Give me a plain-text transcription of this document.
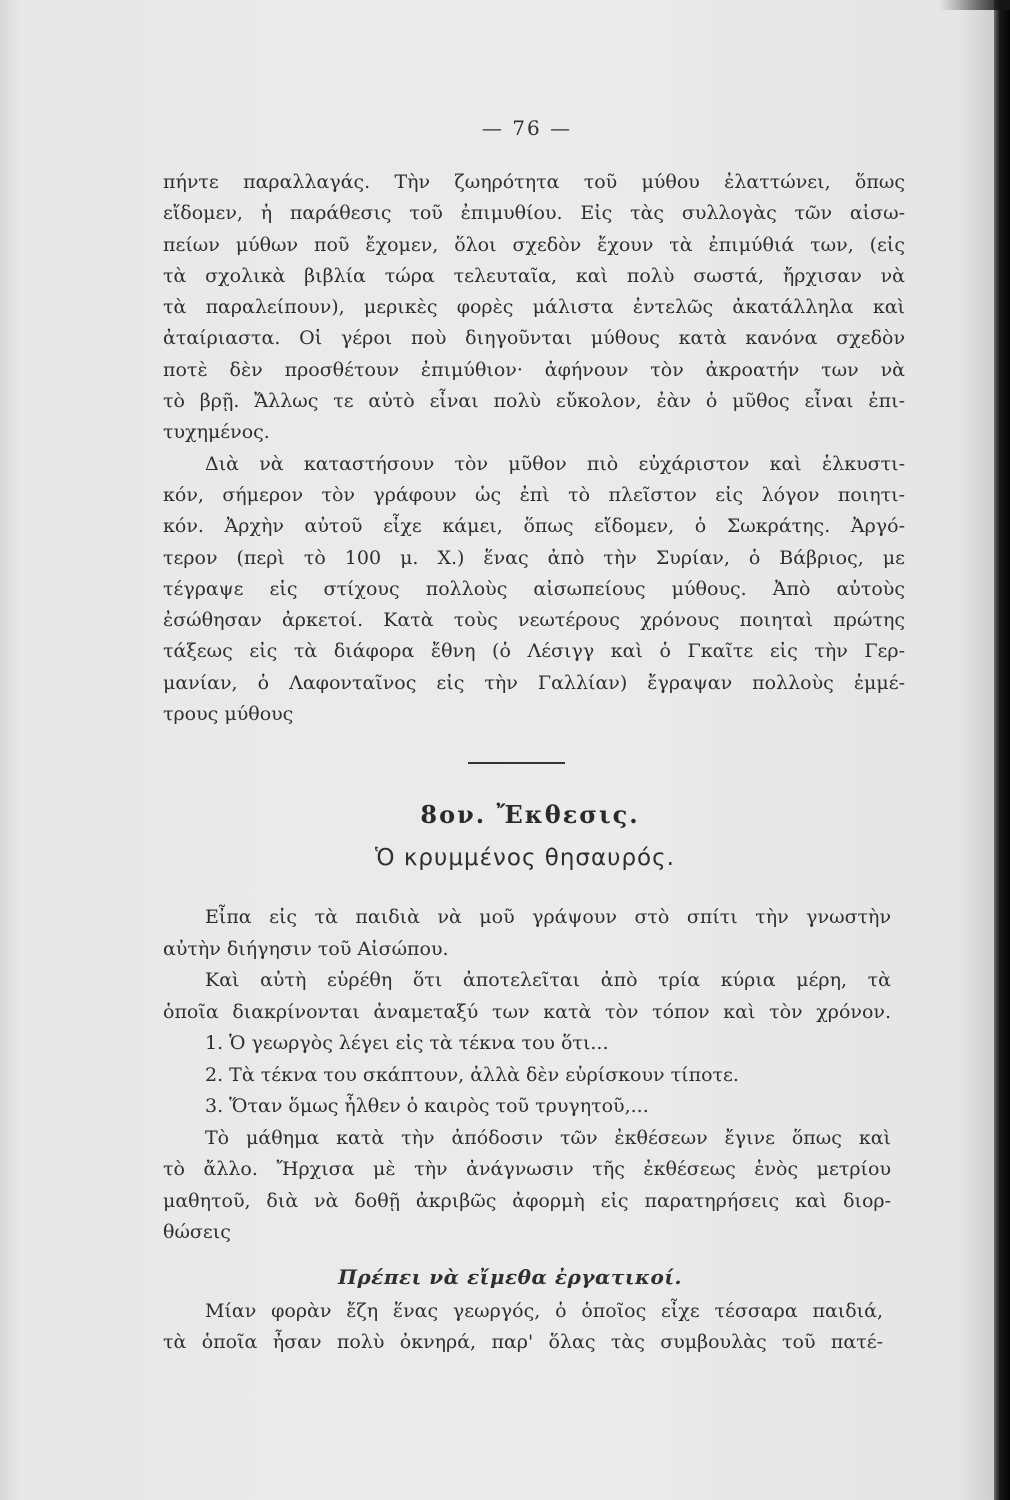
— 76 —
πήντε παραλλαγάς. Τὴν ζωηρότητα τοῦ μύθου ἐλαττώνει, ὅπως
εἴδομεν, ἡ παράθεσις τοῦ ἐπιμυθίου. Εἰς τὰς συλλογὰς τῶν αἰσω-
πείων μύθων ποῦ ἔχομεν, ὅλοι σχεδὸν ἔχουν τὰ ἐπιμύθιά των, (εἰς
τὰ σχολικὰ βιβλία τώρα τελευταῖα, καὶ πολὺ σωστά, ἤρχισαν νὰ
τὰ παραλείπουν), μερικὲς φορὲς μάλιστα ἐντελῶς ἀκατάλληλα καὶ
ἀταίριαστα. Οἱ γέροι ποὺ διηγοῦνται μύθους κατὰ κανόνα σχεδὸν
ποτὲ δὲν προσθέτουν ἐπιμύθιον· ἀφήνουν τὸν ἀκροατήν των νὰ
τὸ βρῇ. Ἄλλως τε αὐτὸ εἶναι πολὺ εὔκολον, ἐὰν ὁ μῦθος εἶναι ἐπι-
τυχημένος.
Διὰ νὰ καταστήσουν τὸν μῦθον πιὸ εὐχάριστον καὶ ἑλκυστι-
κόν, σήμερον τὸν γράφουν ὡς ἐπὶ τὸ πλεῖστον εἰς λόγον ποιητι-
κόν. Ἀρχὴν αὐτοῦ εἶχε κάμει, ὅπως εἴδομεν, ὁ Σωκράτης. Ἀργό-
τερον (περὶ τὸ 100 μ. Χ.) ἕνας ἀπὸ τὴν Συρίαν, ὁ Βάβριος, με
τέγραψε εἰς στίχους πολλοὺς αἰσωπείους μύθους. Ἀπὸ αὐτοὺς
ἐσώθησαν ἀρκετοί. Κατὰ τοὺς νεωτέρους χρόνους ποιηταὶ πρώτης
τάξεως εἰς τὰ διάφορα ἔθνη (ὁ Λέσιγγ καὶ ὁ Γκαῖτε εἰς τὴν Γερ-
μανίαν, ὁ Λαφονταῖνος εἰς τὴν Γαλλίαν) ἔγραψαν πολλοὺς ἐμμέ-
τρους μύθους
8ον. Ἔκθεσις.
Ὁ κρυμμένος θησαυρός.
Εἶπα εἰς τὰ παιδιὰ νὰ μοῦ γράψουν στὸ σπίτι τὴν γνωστὴν
αὐτὴν διήγησιν τοῦ Αἰσώπου.
Καὶ αὐτὴ εὑρέθη ὅτι ἀποτελεῖται ἀπὸ τρία κύρια μέρη, τὰ
ὁποῖα διακρίνονται ἀναμεταξύ των κατὰ τὸν τόπον καὶ τὸν χρόνον.
1. Ὁ γεωργὸς λέγει εἰς τὰ τέκνα του ὅτι...
2. Τὰ τέκνα του σκάπτουν, ἀλλὰ δὲν εὑρίσκουν τίποτε.
3. Ὅταν ὅμως ἦλθεν ὁ καιρὸς τοῦ τρυγητοῦ,...
Τὸ μάθημα κατὰ τὴν ἀπόδοσιν τῶν ἐκθέσεων ἔγινε ὅπως καὶ
τὸ ἄλλο. Ἤρχισα μὲ τὴν ἀνάγνωσιν τῆς ἐκθέσεως ἑνὸς μετρίου
μαθητοῦ, διὰ νὰ δοθῇ ἀκριβῶς ἀφορμὴ εἰς παρατηρήσεις καὶ διορ-
θώσεις
Πρέπει νὰ εἴμεθα ἐργατικοί.
Μίαν φορὰν ἔζη ἕνας γεωργός, ὁ ὁποῖος εἶχε τέσσαρα παιδιά,
τὰ ὁποῖα ἦσαν πολὺ ὀκνηρά, παρ' ὅλας τὰς συμβουλὰς τοῦ πατέ-
